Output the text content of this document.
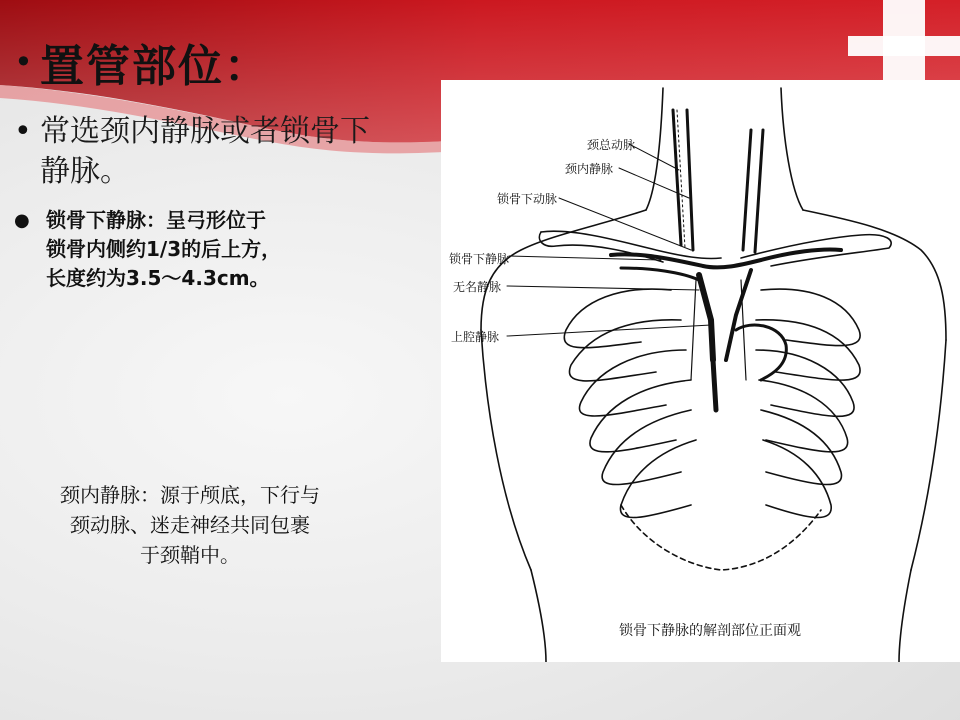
• 置管部位：
• 常选颈内静脉或者锁骨下静脉。
● 锁骨下静脉：呈弓形位于
锁骨内侧约1/3的后上方，
长度约为3.5～4.3cm。
颈内静脉：源于颅底，下行与
颈动脉、迷走神经共同包裹
于颈鞘中。
颈总动脉
颈内静脉
锁骨下动脉
锁骨下静脉
无名静脉
上腔静脉
锁骨下静脉的解剖部位正面观
